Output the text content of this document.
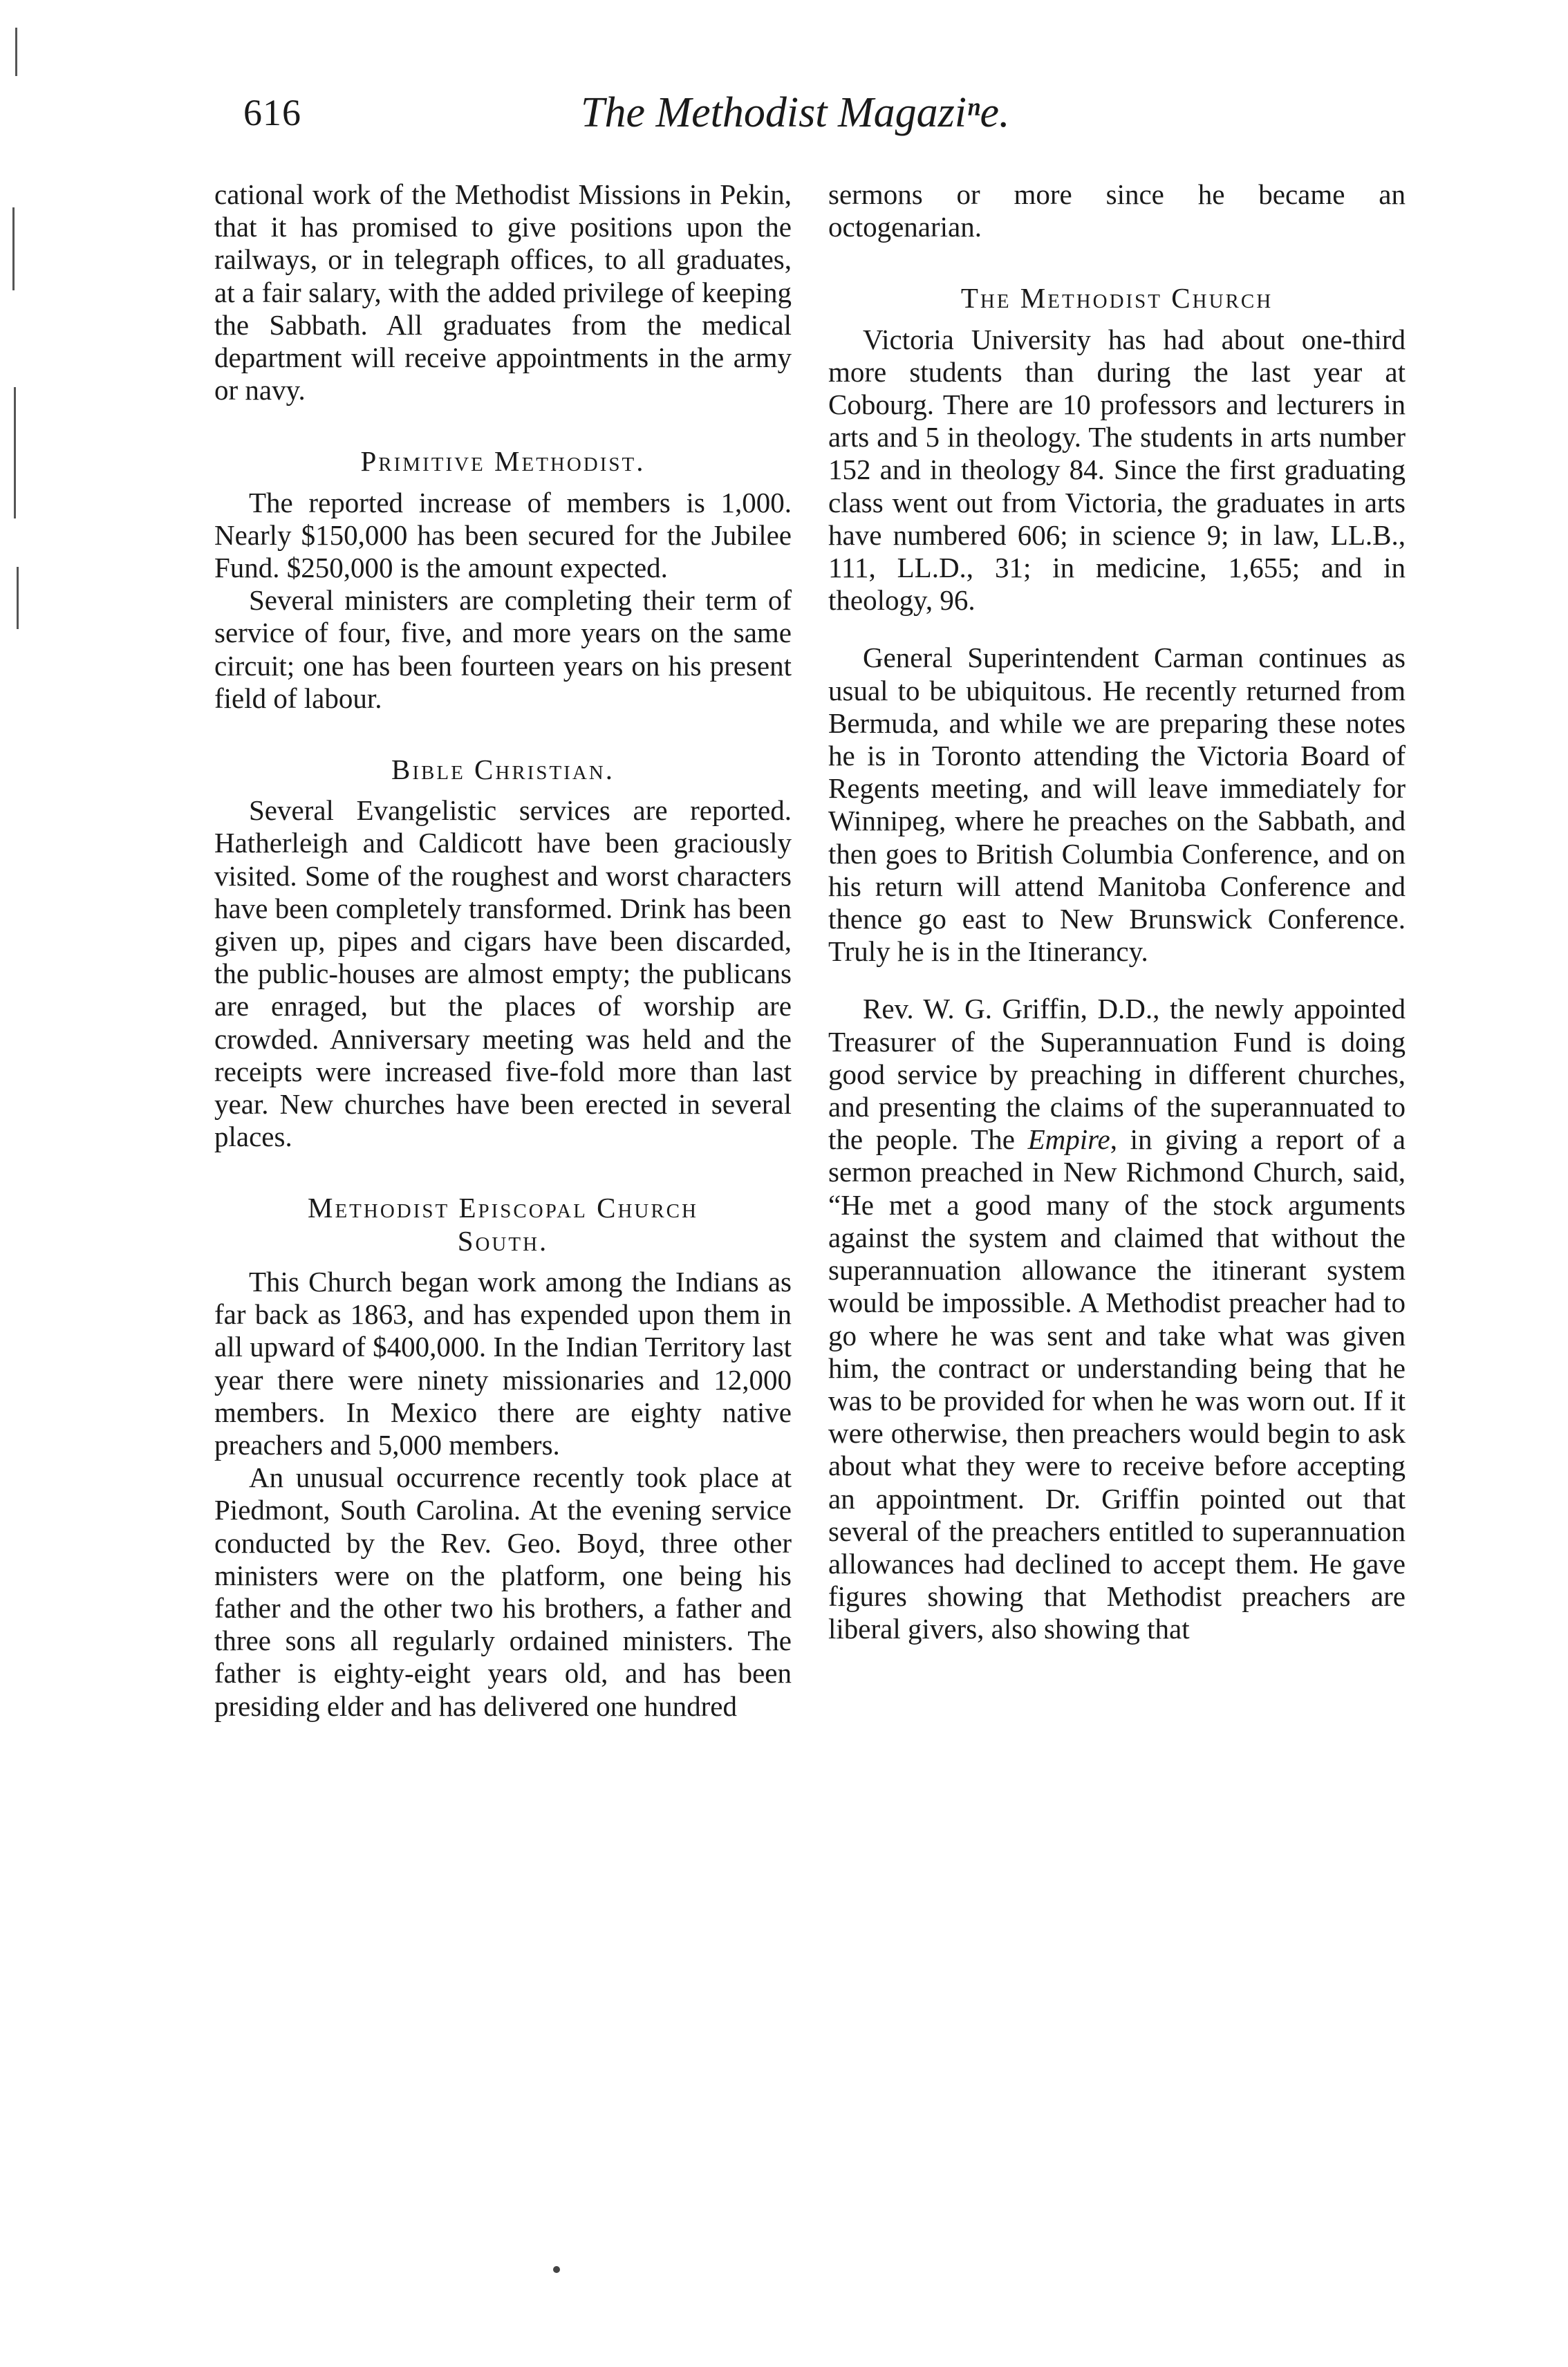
616	The Methodist Magaziⁿe.

cational work of the Methodist Missions in Pekin, that it has promised to give positions upon the railways, or in telegraph offices, to all graduates, at a fair salary, with the added privilege of keeping the Sabbath. All graduates from the medical department will receive appointments in the army or navy.

Primitive Methodist.

The reported increase of members is 1,000. Nearly $150,000 has been secured for the Jubilee Fund. $250,000 is the amount expected.

Several ministers are completing their term of service of four, five, and more years on the same circuit; one has been fourteen years on his present field of labour.

Bible Christian.

Several Evangelistic services are reported. Hatherleigh and Caldicott have been graciously visited. Some of the roughest and worst characters have been completely transformed. Drink has been given up, pipes and cigars have been discarded, the public-houses are almost empty; the publicans are enraged, but the places of worship are crowded. Anniversary meeting was held and the receipts were increased five-fold more than last year. New churches have been erected in several places.

Methodist Episcopal Church
South.

This Church began work among the Indians as far back as 1863, and has expended upon them in all upward of $400,000. In the Indian Territory last year there were ninety missionaries and 12,000 members. In Mexico there are eighty native preachers and 5,000 members.

An unusual occurrence recently took place at Piedmont, South Carolina. At the evening service conducted by the Rev. Geo. Boyd, three other ministers were on the platform, one being his father and the other two his brothers, a father and three sons all regularly ordained ministers. The father is eighty-eight years old, and has been presiding elder and has delivered one hundred

sermons or more since he became an octogenarian.

The Methodist Church

Victoria University has had about one-third more students than during the last year at Cobourg. There are 10 professors and lecturers in arts and 5 in theology. The students in arts number 152 and in theology 84. Since the first graduating class went out from Victoria, the graduates in arts have numbered 606; in science 9; in law, LL.B., 111, LL.D., 31; in medicine, 1,655; and in theology, 96.

General Superintendent Carman continues as usual to be ubiquitous. He recently returned from Bermuda, and while we are preparing these notes he is in Toronto attending the Victoria Board of Regents meeting, and will leave immediately for Winnipeg, where he preaches on the Sabbath, and then goes to British Columbia Conference, and on his return will attend Manitoba Conference and thence go east to New Brunswick Conference. Truly he is in the Itinerancy.

Rev. W. G. Griffin, D.D., the newly appointed Treasurer of the Superannuation Fund is doing good service by preaching in different churches, and presenting the claims of the superannuated to the people. The Empire, in giving a report of a sermon preached in New Richmond Church, said, “He met a good many of the stock arguments against the system and claimed that without the superannuation allowance the itinerant system would be impossible. A Methodist preacher had to go where he was sent and take what was given him, the contract or understanding being that he was to be provided for when he was worn out. If it were otherwise, then preachers would begin to ask about what they were to receive before accepting an appointment. Dr. Griffin pointed out that several of the preachers entitled to superannuation allowances had declined to accept them. He gave figures showing that Methodist preachers are liberal givers, also showing that
